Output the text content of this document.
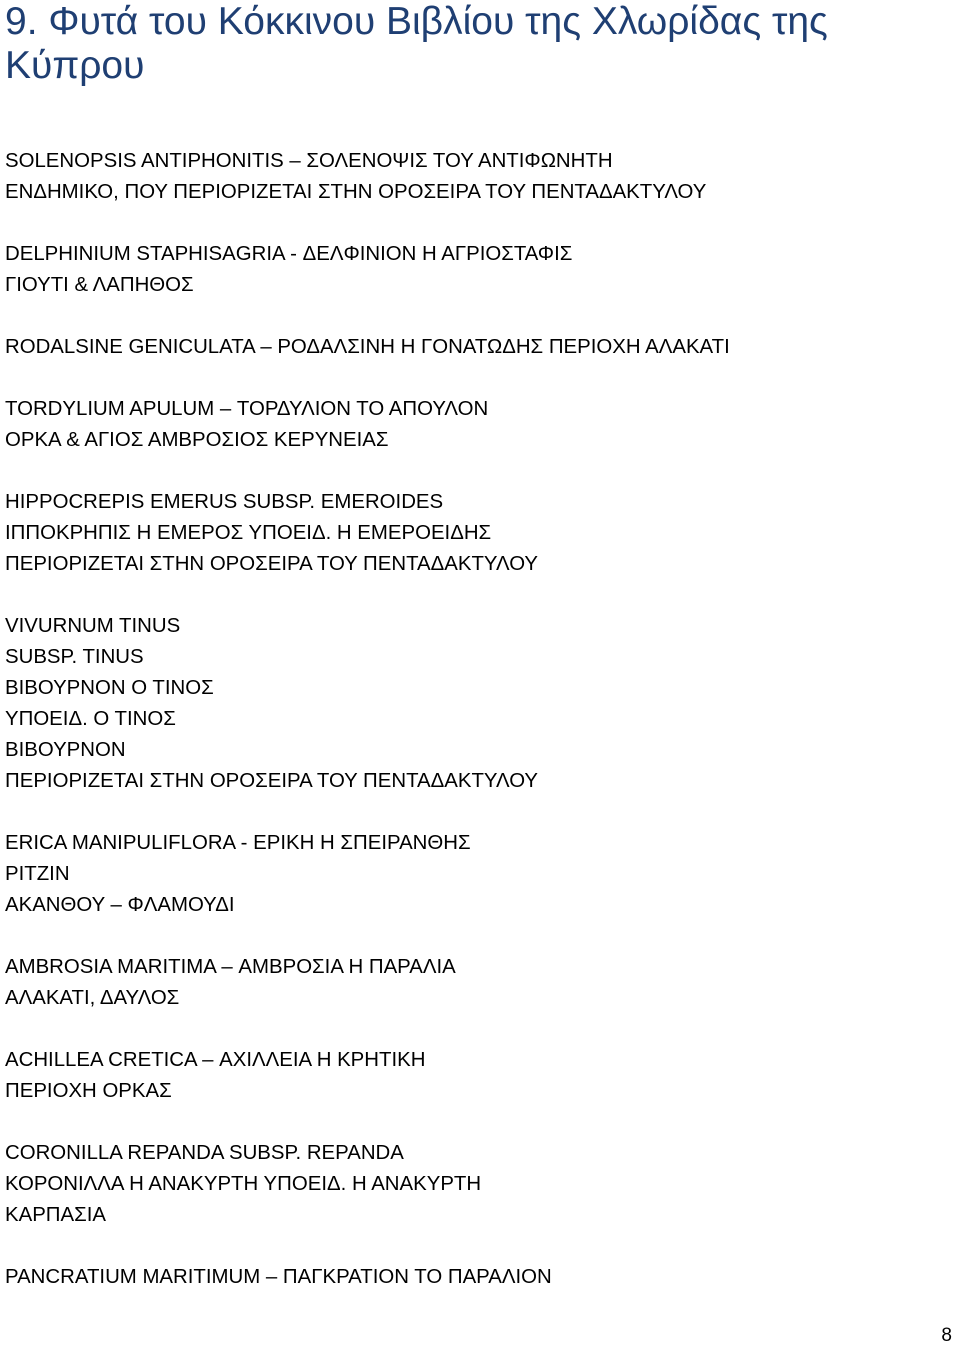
9. Φυτά του Κόκκινου Βιβλίου της Χλωρίδας της Κύπρου
SOLENOPSIS ANTIPHONITIS – ΣΟΛΕΝΟΨΙΣ ΤΟΥ ΑΝΤΙΦΩΝΗΤΗ
ΕΝΔΗΜΙΚΟ, ΠΟΥ ΠΕΡΙΟΡΙΖΕΤΑΙ ΣΤΗΝ ΟΡΟΣΕΙΡΑ ΤΟΥ ΠΕΝΤΑΔΑΚΤΥΛΟΥ
DELPHINIUM STAPHISAGRIA - ΔΕΛΦΙΝΙΟΝ Η ΑΓΡΙΟΣΤΑΦΙΣ
ΓΙΟΥΤΙ & ΛΑΠΗΘΟΣ
RODALSINE GENICULATA – ΡΟΔΑΛΣΙΝΗ Η ΓΟΝΑΤΩΔΗΣ ΠΕΡΙΟΧΗ ΑΛΑΚΑΤΙ
TORDYLIUM APULUM – ΤΟΡΔΥΛΙΟΝ ΤΟ ΑΠΟΥΛΟΝ
ΟΡΚΑ & ΑΓΙΟΣ ΑΜΒΡΟΣΙΟΣ ΚΕΡΥΝΕΙΑΣ
HIPPOCREPIS EMERUS SUBSP. EMEROIDES
ΙΠΠΟΚΡΗΠΙΣ Η ΕΜΕΡΟΣ ΥΠΟΕΙΔ. Η ΕΜΕΡΟΕΙΔΗΣ
ΠΕΡΙΟΡΙΖΕΤΑΙ ΣΤΗΝ ΟΡΟΣΕΙΡΑ ΤΟΥ ΠΕΝΤΑΔΑΚΤΥΛΟΥ
VIVURNUM TINUS
SUBSP. TINUS
ΒΙΒΟΥΡΝΟΝ Ο ΤΙΝΟΣ
ΥΠΟΕΙΔ. Ο ΤΙΝΟΣ
ΒΙΒΟΥΡΝΟΝ
ΠΕΡΙΟΡΙΖΕΤΑΙ ΣΤΗΝ ΟΡΟΣΕΙΡΑ ΤΟΥ ΠΕΝΤΑΔΑΚΤΥΛΟΥ
ERICA MANIPULIFLORA - ΕΡΙΚΗ Η ΣΠΕΙΡΑΝΘΗΣ
ΡΙΤΖΙΝ
ΑΚΑΝΘΟΥ – ΦΛΑΜΟΥΔΙ
AMBROSIA MARITIMA – ΑΜΒΡΟΣΙΑ Η ΠΑΡΑΛΙΑ
ΑΛΑΚΑΤΙ, ΔΑΥΛΟΣ
ACHILLEA CRETICA – ΑΧΙΛΛΕΙΑ Η ΚΡΗΤΙΚΗ
ΠΕΡΙΟΧΗ ΟΡΚΑΣ
CORONILLA REPANDA SUBSP. REPANDA
ΚΟΡΟΝΙΛΛΑ Η ΑΝΑΚΥΡΤΗ ΥΠΟΕΙΔ. Η ΑΝΑΚΥΡΤΗ
ΚΑΡΠΑΣΙΑ
PANCRATIUM MARITIMUM – ΠΑΓΚΡΑΤΙΟΝ ΤΟ ΠΑΡΑΛΙΟΝ
8
